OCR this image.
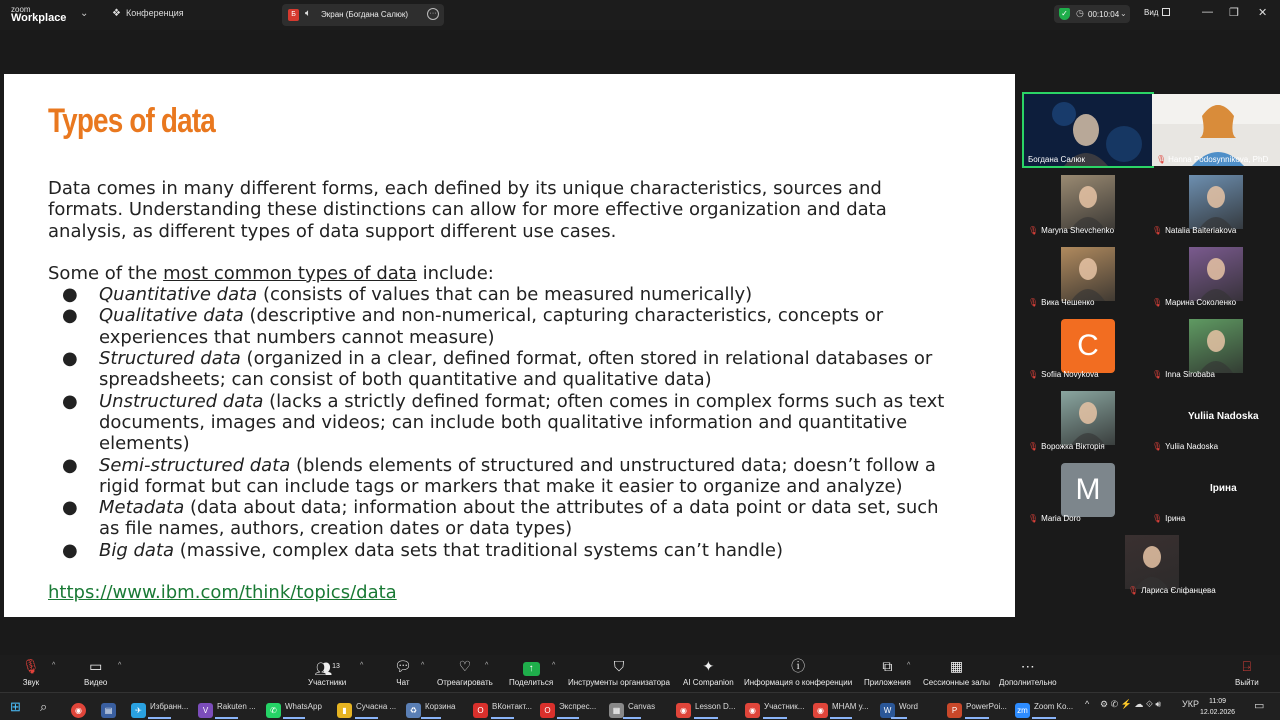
zoom
Workplace ⌄ ❖ Конференция	Б 🔈︎ Экран (Богдана Салюк)	···	✓ ◷ 00:10:04 ⌄ Вид	— ❐ ✕
Types of data

Data comes in many different forms, each defined by its unique characteristics, sources and formats. Understanding these distinctions can allow for more effective organization and data analysis, as different types of data support different use cases.

Some of the most common types of data include:
● Quantitative data (consists of values that can be measured numerically)
● Qualitative data (descriptive and non-numerical, capturing characteristics, concepts or experiences that numbers cannot measure)
● Structured data (organized in a clear, defined format, often stored in relational databases or spreadsheets; can consist of both quantitative and qualitative data)
● Unstructured data (lacks a strictly defined format; often comes in complex forms such as text documents, images and videos; can include both qualitative information and quantitative elements)
● Semi-structured data (blends elements of structured and unstructured data; doesn’t follow a rigid format but can include tags or markers that make it easier to organize and analyze)
● Metadata (data about data; information about the attributes of a data point or data set, such as file names, authors, creation dates or data types)
● Big data (massive, complex data sets that traditional systems can’t handle)
https://www.ibm.com/think/topics/data
Богдана Салюк	🎙︎ Hanna Podosynnikova, PhD
🎙︎ Maryna Shevchenko	🎙︎ Natalia Baiteriakova
🎙︎ Вика Чешенко	🎙︎ Марина Соколенко
C
🎙︎ Sofiia Novykova	🎙︎ Inna Sirobaba
🎙︎ Ворожка Вікторія
Yuliia Nadoska
🎙︎ Yuliia Nadoska
M
🎙︎ Maria Doro
Ірина
🎙︎ Ірина
🎙︎ Лариса Єліфанцева
🎙︎
Звук
^	▭
Видео
^	👥︎$^{13}$
Участники
^ 💬︎
Чат
^	♡
Отреагировать
^	↑
Поделиться
^	⛉
Инструменты организатора
✦
AI Companion
ⓘ
Информация о конференции
⧉
Приложения
^	▦
Сессионные залы
⋯
Дополнительно
⍈
Выйти
⊞ ⌕	◉	▤	✈ Избранн...	V Rakuten ...	✆ WhatsApp	▮ Сучасна ...	♻ Корзина	O ВКонтакт...	O Экспрес...	▦ Canvas	◉ Lesson D...	◉ Участник...	◉ МНАМ у...	W Word	P PowerPoi... zm Zoom Ko... ^ ⚙ ✆ ⚡ ☁ ⟐ 🔊︎ УКР	11:09
12.02.2026
▭
